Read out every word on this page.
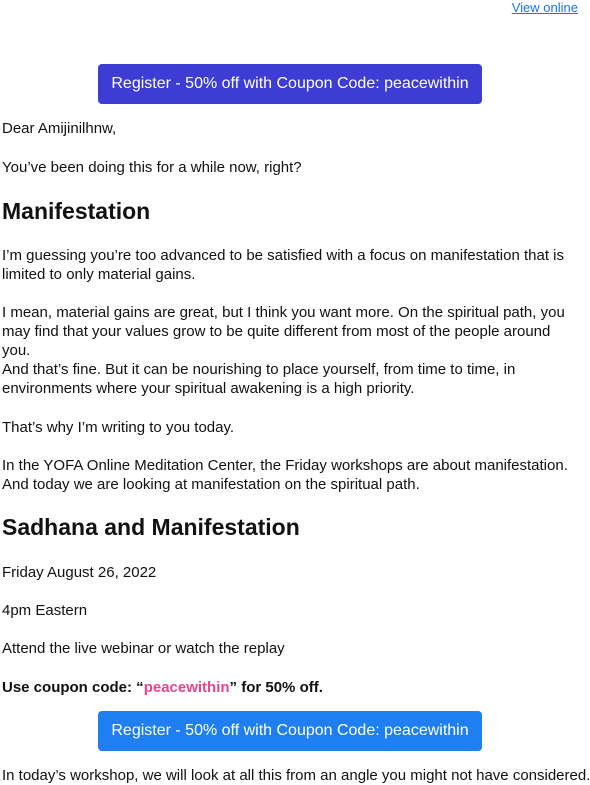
View online
Register - 50% off with Coupon Code: peacewithin

Dear Amijinilhnw,

You’ve been doing this for a while now, right?

Manifestation

I’m guessing you’re too advanced to be satisfied with a focus on manifestation that is limited to only material gains.

I mean, material gains are great, but I think you want more. On the spiritual path, you may find that your values grow to be quite different from most of the people around you.

And that’s fine. But it can be nourishing to place yourself, from time to time, in environments where your spiritual awakening is a high priority.

That’s why I’m writing to you today.

In the YOFA Online Meditation Center, the Friday workshops are about manifestation. And today we are looking at manifestation on the spiritual path.

Sadhana and Manifestation

Friday August 26, 2022

4pm Eastern

Attend the live webinar or watch the replay

Use coupon code: “peacewithin” for 50% off.

In today’s workshop, we will look at all this from an angle you might not have considered.

Register - 50% off with Coupon Code: peacewithin
